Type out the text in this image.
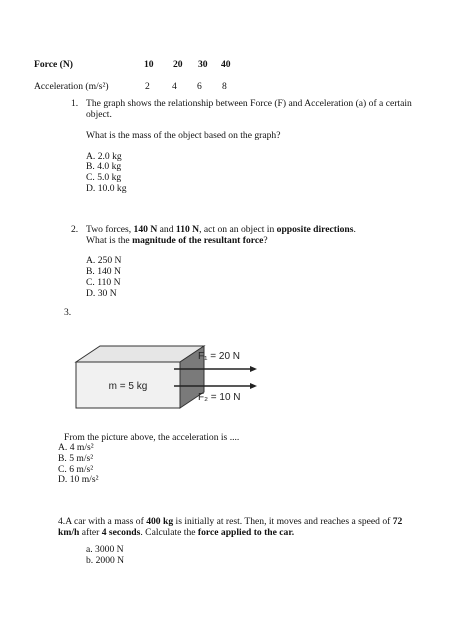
Force (N)	10 20 30 40
Acceleration (m/s²)	2 4 6 8
1. The graph shows the relationship between Force (F) and Acceleration (a) of a certain
object.
What is the mass of the object based on the graph?
A. 2.0 kg
B. 4.0 kg
C. 5.0 kg
D. 10.0 kg
2. Two forces, 140 N and 110 N, act on an object in opposite directions.
What is the magnitude of the resultant force?
A. 250 N
B. 140 N
C. 110 N
D. 30 N
3.
m = 5 kg
F₁ = 20 N
F₂ = 10 N
From the picture above, the acceleration is ....
A. 4 m/s²
B. 5 m/s²
C. 6 m/s²
D. 10 m/s²
4.A car with a mass of 400 kg is initially at rest. Then, it moves and reaches a speed of 72
km/h after 4 seconds. Calculate the force applied to the car.
a. 3000 N
b. 2000 N
